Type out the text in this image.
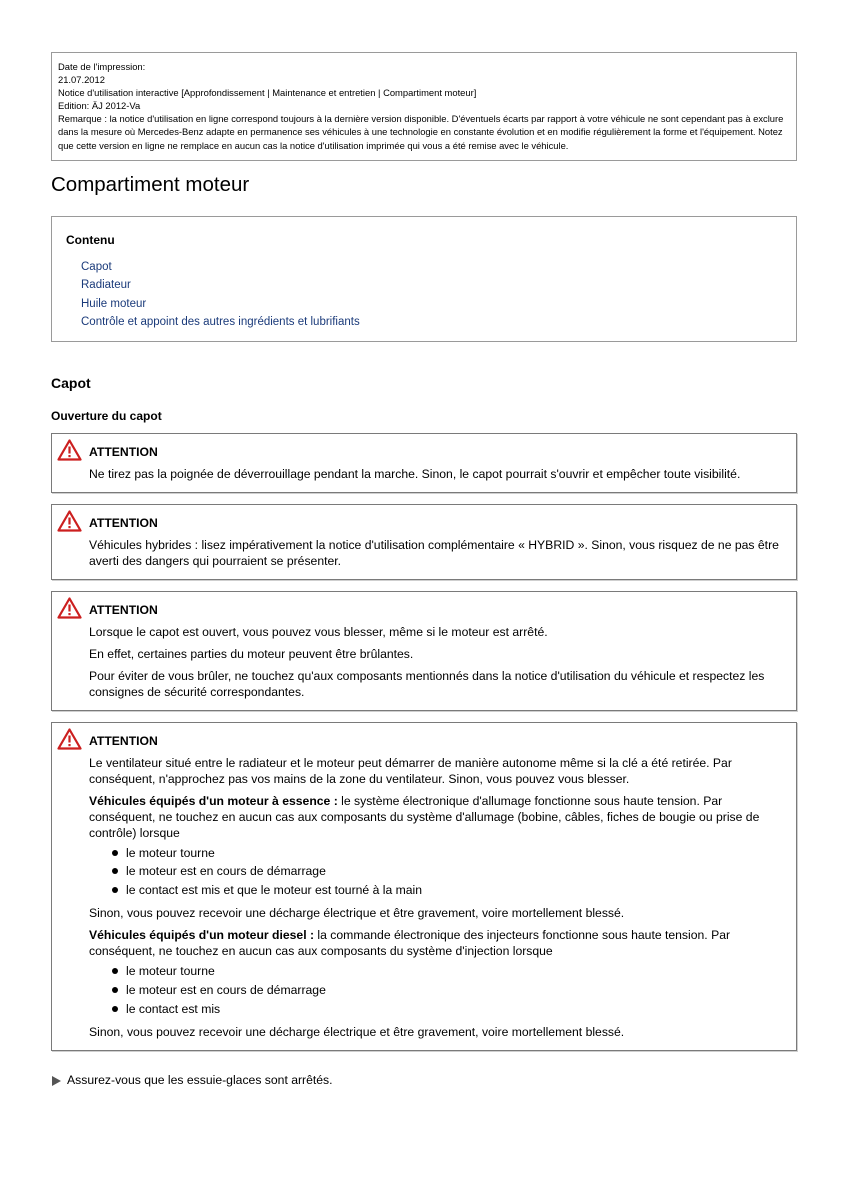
Date de l'impression:

21.07.2012

Notice d'utilisation interactive [Approfondissement | Maintenance et entretien | Compartiment moteur]

Edition: ÄJ 2012-Va

Remarque : la notice d'utilisation en ligne correspond toujours à la dernière version disponible. D'éventuels écarts par rapport à votre véhicule ne sont cependant pas à exclure dans la mesure où Mercedes-Benz adapte en permanence ses véhicules à une technologie en constante évolution et en modifie régulièrement la forme et l'équipement. Notez que cette version en ligne ne remplace en aucun cas la notice d'utilisation imprimée qui vous a été remise avec le véhicule.

Compartiment moteur

Contenu

Capot
Radiateur
Huile moteur
Contrôle et appoint des autres ingrédients et lubrifiants
Capot
Ouverture du capot

ATTENTION

Ne tirez pas la poignée de déverrouillage pendant la marche. Sinon, le capot pourrait s'ouvrir et empêcher toute visibilité.

ATTENTION

Véhicules hybrides : lisez impérativement la notice d'utilisation complémentaire « HYBRID ». Sinon, vous risquez de ne pas être averti des dangers qui pourraient se présenter.

ATTENTION

Lorsque le capot est ouvert, vous pouvez vous blesser, même si le moteur est arrêté.

En effet, certaines parties du moteur peuvent être brûlantes.

Pour éviter de vous brûler, ne touchez qu'aux composants mentionnés dans la notice d'utilisation du véhicule et respectez les consignes de sécurité correspondantes.

ATTENTION

Le ventilateur situé entre le radiateur et le moteur peut démarrer de manière autonome même si la clé a été retirée. Par conséquent, n'approchez pas vos mains de la zone du ventilateur. Sinon, vous pouvez vous blesser.

Véhicules équipés d'un moteur à essence : le système électronique d'allumage fonctionne sous haute tension. Par conséquent, ne touchez en aucun cas aux composants du système d'allumage (bobine, câbles, fiches de bougie ou prise de contrôle) lorsque

le moteur tourne
le moteur est en cours de démarrage
le contact est mis et que le moteur est tourné à la main

Sinon, vous pouvez recevoir une décharge électrique et être gravement, voire mortellement blessé.

Véhicules équipés d'un moteur diesel : la commande électronique des injecteurs fonctionne sous haute tension. Par conséquent, ne touchez en aucun cas aux composants du système d'injection lorsque

le moteur tourne
le moteur est en cours de démarrage
le contact est mis

Sinon, vous pouvez recevoir une décharge électrique et être gravement, voire mortellement blessé.

Assurez-vous que les essuie-glaces sont arrêtés.
